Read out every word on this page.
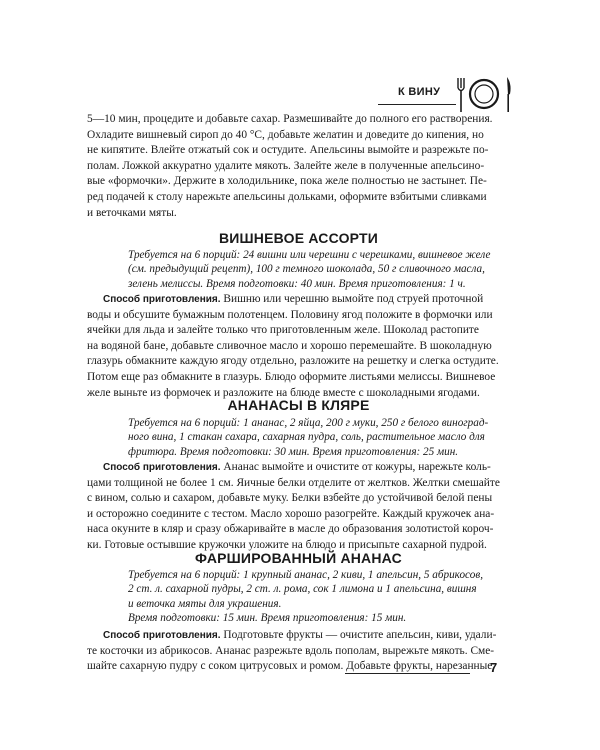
К ВИНУ

5—10 мин, процедите и добавьте сахар. Размешивайте до полного его растворения.

Охладите вишневый сироп до 40 °С, добавьте желатин и доведите до кипения, но

не кипятите. Влейте отжатый сок и остудите. Апельсины вымойте и разрежьте по-

полам. Ложкой аккуратно удалите мякоть. Залейте желе в полученные апельсино-

вые «формочки». Держите в холодильнике, пока желе полностью не застынет. Пе-

ред подачей к столу нарежьте апельсины дольками, оформите взбитыми сливками

и веточками мяты.

ВИШНЕВОЕ АССОРТИ

Требуется на 6 порций: 24 вишни или черешни с черешками, вишневое желе

(см. предыдущий рецепт), 100 г темного шоколада, 50 г сливочного масла,

зелень мелиссы. Время подготовки: 40 мин. Время приготовления: 1 ч.

Способ приготовления. Вишню или черешню вымойте под струей проточной

воды и обсушите бумажным полотенцем. Половину ягод положите в формочки или

ячейки для льда и залейте только что приготовленным желе. Шоколад растопите

на водяной бане, добавьте сливочное масло и хорошо перемешайте. В шоколадную

глазурь обмакните каждую ягоду отдельно, разложите на решетку и слегка остудите.

Потом еще раз обмакните в глазурь. Блюдо оформите листьями мелиссы. Вишневое

желе выньте из формочек и разложите на блюде вместе с шоколадными ягодами.

АНАНАСЫ В КЛЯРЕ

Требуется на 6 порций: 1 ананас, 2 яйца, 200 г муки, 250 г белого виноград-

ного вина, 1 стакан сахара, сахарная пудра, соль, растительное масло для

фритюра. Время подготовки: 30 мин. Время приготовления: 25 мин.

Способ приготовления. Ананас вымойте и очистите от кожуры, нарежьте коль-

цами толщиной не более 1 см. Яичные белки отделите от желтков. Желтки смешайте

с вином, солью и сахаром, добавьте муку. Белки взбейте до устойчивой белой пены

и осторожно соедините с тестом. Масло хорошо разогрейте. Каждый кружочек ана-

наса окуните в кляр и сразу обжаривайте в масле до образования золотистой короч-

ки. Готовые остывшие кружочки уложите на блюдо и присыпьте сахарной пудрой.

ФАРШИРОВАННЫЙ АНАНАС

Требуется на 6 порций: 1 крупный ананас, 2 киви, 1 апельсин, 5 абрикосов,

2 ст. л. сахарной пудры, 2 ст. л. рома, сок 1 лимона и 1 апельсина, вишня

и веточка мяты для украшения.

Время подготовки: 15 мин. Время приготовления: 15 мин.

Способ приготовления. Подготовьте фрукты — очистите апельсин, киви, удали-

те косточки из абрикосов. Ананас разрежьте вдоль пополам, вырежьте мякоть. Сме-

шайте сахарную пудру с соком цитрусовых и ромом. Добавьте фрукты, нарезанные

7
